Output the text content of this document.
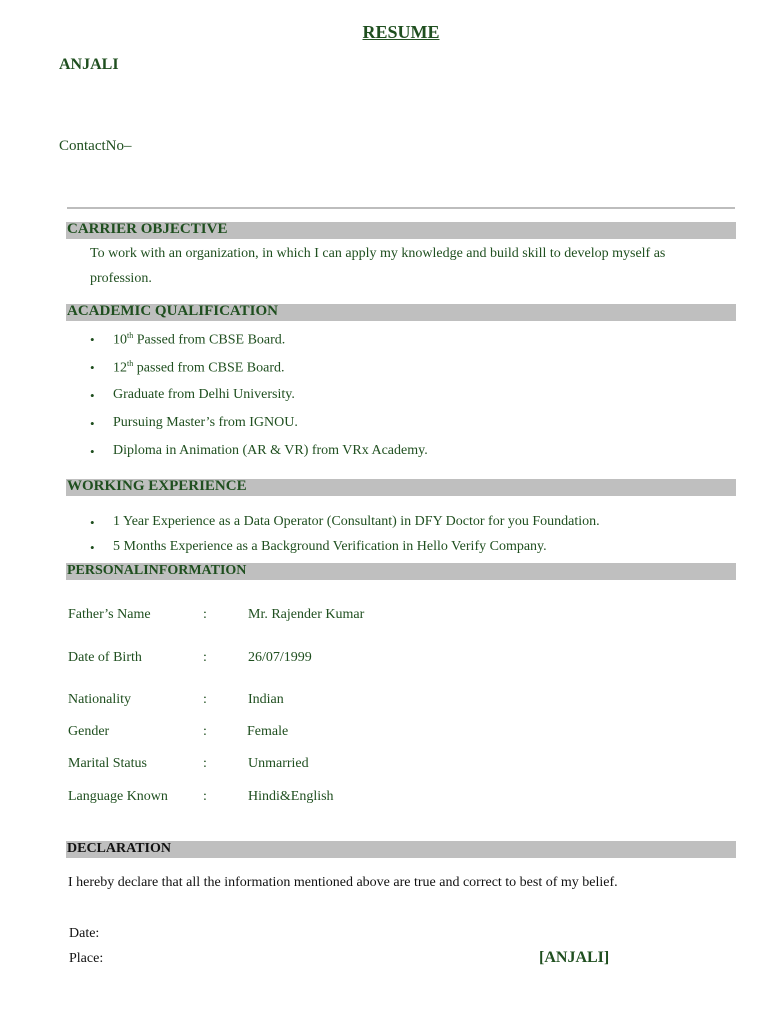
RESUME
ANJALI
ContactNo–
CARRIER OBJECTIVE
To work with an organization, in which I can apply my knowledge and build skill to develop myself as
profession.
ACADEMIC QUALIFICATION
• 10th Passed from CBSE Board.
• 12th passed from CBSE Board.
• Graduate from Delhi University.
• Pursuing Master’s from IGNOU.
• Diploma in Animation (AR & VR) from VRx Academy.
WORKING EXPERIENCE
• 1 Year Experience as a Data Operator (Consultant) in DFY Doctor for you Foundation.
• 5 Months Experience as a Background Verification in Hello Verify Company.
PERSONALINFORMATION
Father’s Name	:	Mr. Rajender Kumar
Date of Birth	:	26/07/1999
Nationality	:	Indian
Gender	:	Female
Marital Status	:	Unmarried
Language Known	:	Hindi&English
DECLARATION
I hereby declare that all the information mentioned above are true and correct to best of my belief.
Date:
Place:	[ANJALI]
